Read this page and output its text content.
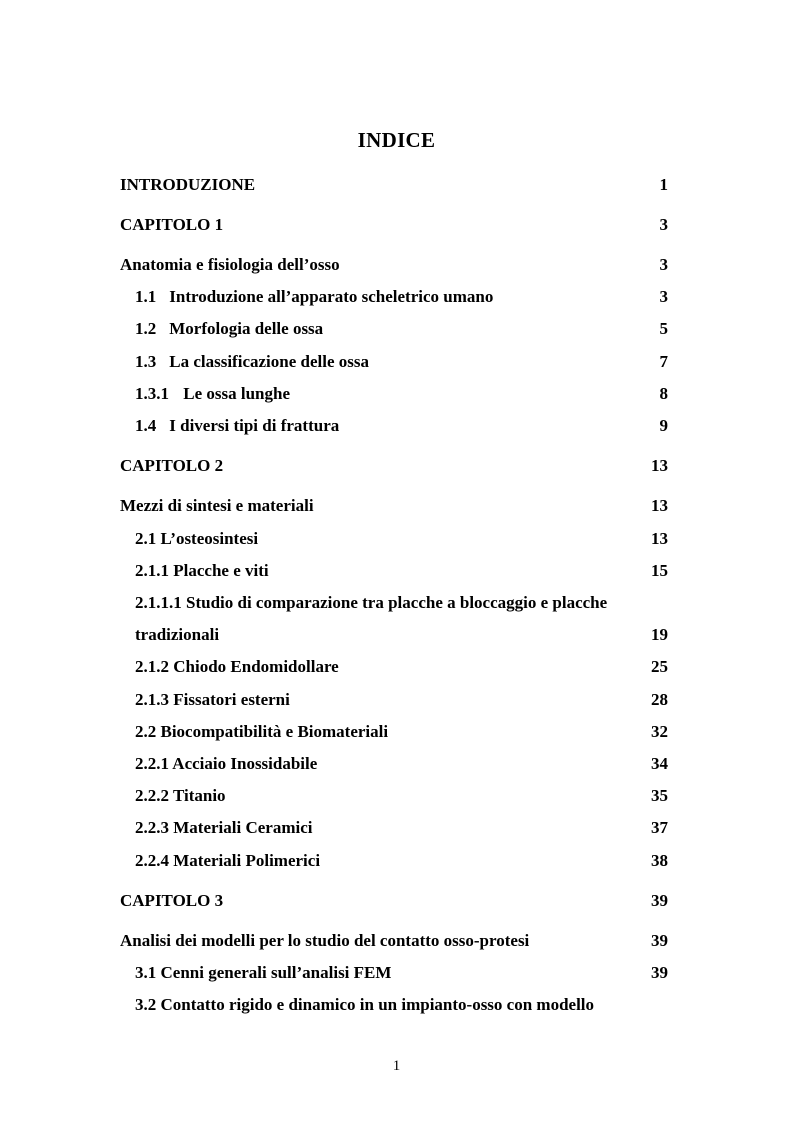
INDICE
INTRODUZIONE	1
CAPITOLO 1	3
Anatomia e fisiologia dell’osso	3
1.1 Introduzione all’apparato scheletrico umano	3
1.2 Morfologia delle ossa	5
1.3 La classificazione delle ossa	7
1.3.1 Le ossa lunghe	8
1.4 I diversi tipi di frattura	9
CAPITOLO 2	13
Mezzi di sintesi e materiali	13
2.1 L’osteosintesi	13
2.1.1 Placche e viti	15
2.1.1.1 Studio di comparazione tra placche a bloccaggio e placche
tradizionali	19
2.1.2 Chiodo Endomidollare	25
2.1.3 Fissatori esterni	28
2.2 Biocompatibilità e Biomateriali	32
2.2.1 Acciaio Inossidabile	34
2.2.2 Titanio	35
2.2.3 Materiali Ceramici	37
2.2.4 Materiali Polimerici	38
CAPITOLO 3	39
Analisi dei modelli per lo studio del contatto osso-protesi	39
3.1 Cenni generali sull’analisi FEM	39
3.2 Contatto rigido e dinamico in un impianto-osso con modello
1
